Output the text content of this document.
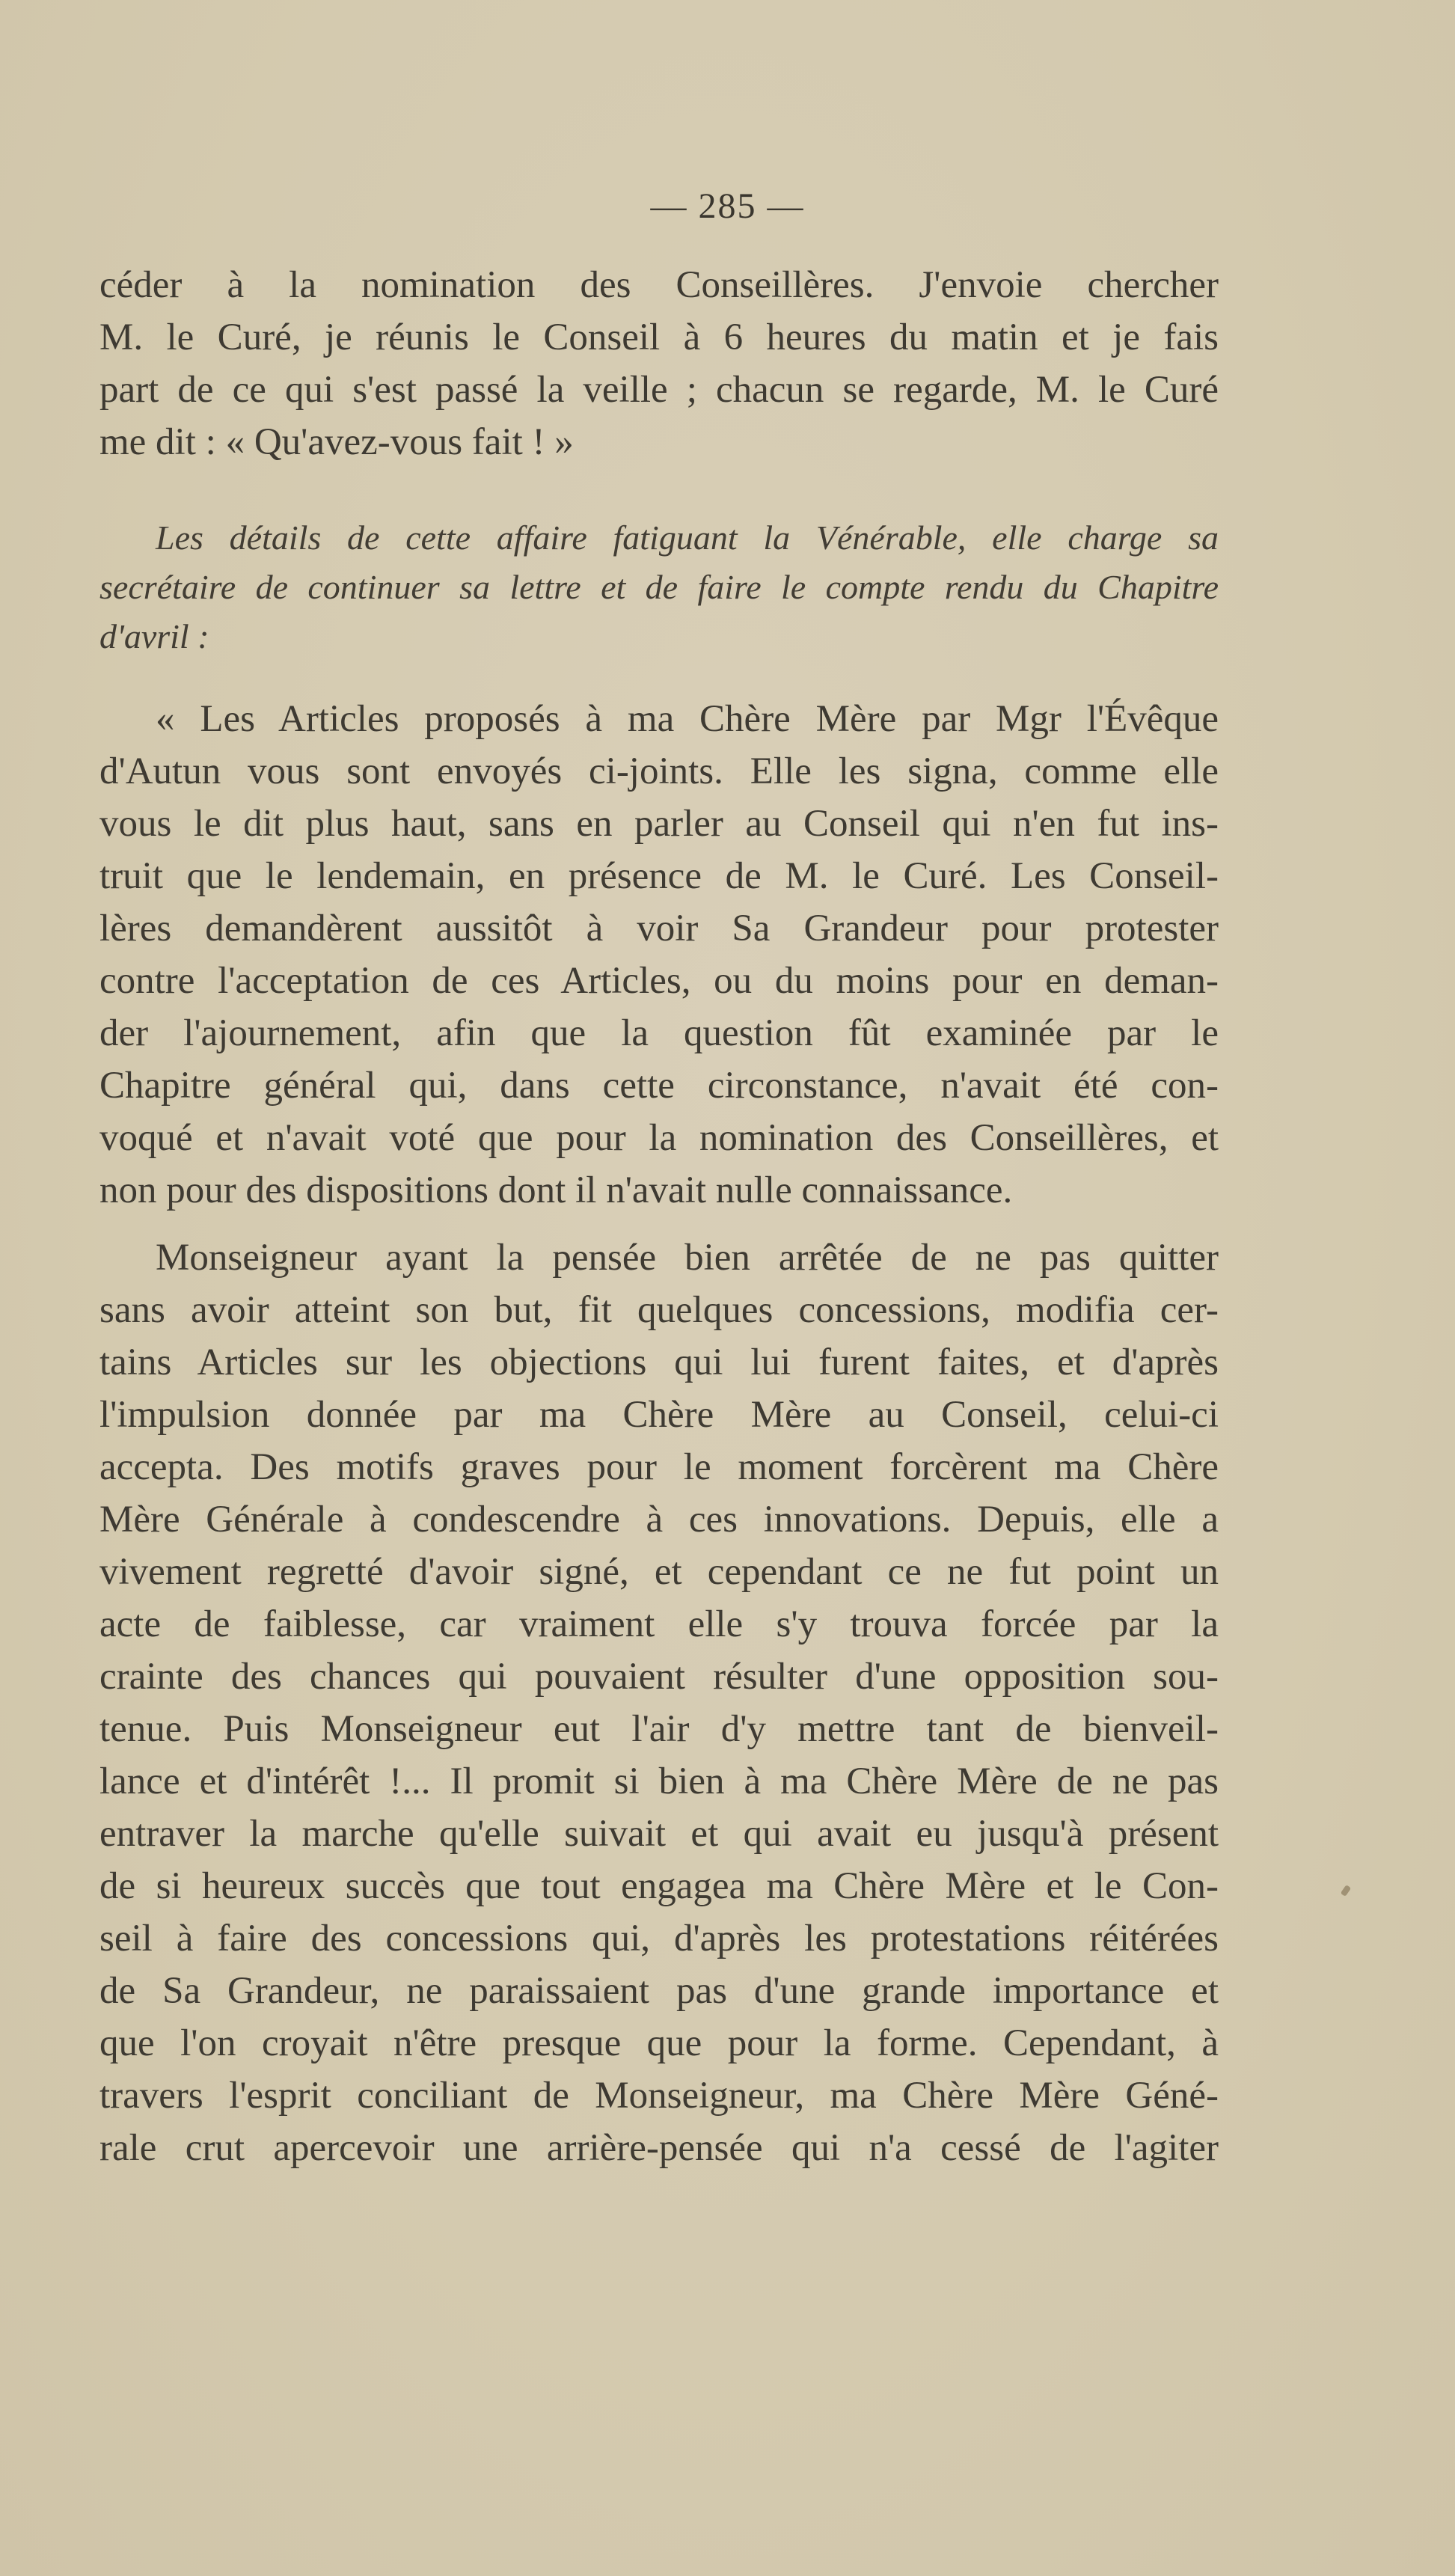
— 285 —
céder à la nomination des Conseillères. J'envoie chercher
M. le Curé, je réunis le Conseil à 6 heures du matin et je fais
part de ce qui s'est passé la veille ; chacun se regarde, M. le Curé
me dit : « Qu'avez-vous fait ! »
Les détails de cette affaire fatiguant la Vénérable, elle charge sa
secrétaire de continuer sa lettre et de faire le compte rendu du Chapitre
d'avril :
« Les Articles proposés à ma Chère Mère par Mgr l'Évêque
d'Autun vous sont envoyés ci-joints. Elle les signa, comme elle
vous le dit plus haut, sans en parler au Conseil qui n'en fut ins-
truit que le lendemain, en présence de M. le Curé. Les Conseil-
lères demandèrent aussitôt à voir Sa Grandeur pour protester
contre l'acceptation de ces Articles, ou du moins pour en deman-
der l'ajournement, afin que la question fût examinée par le
Chapitre général qui, dans cette circonstance, n'avait été con-
voqué et n'avait voté que pour la nomination des Conseillères, et
non pour des dispositions dont il n'avait nulle connaissance.
Monseigneur ayant la pensée bien arrêtée de ne pas quitter
sans avoir atteint son but, fit quelques concessions, modifia cer-
tains Articles sur les objections qui lui furent faites, et d'après
l'impulsion donnée par ma Chère Mère au Conseil, celui-ci
accepta. Des motifs graves pour le moment forcèrent ma Chère
Mère Générale à condescendre à ces innovations. Depuis, elle a
vivement regretté d'avoir signé, et cependant ce ne fut point un
acte de faiblesse, car vraiment elle s'y trouva forcée par la
crainte des chances qui pouvaient résulter d'une opposition sou-
tenue. Puis Monseigneur eut l'air d'y mettre tant de bienveil-
lance et d'intérêt !... Il promit si bien à ma Chère Mère de ne pas
entraver la marche qu'elle suivait et qui avait eu jusqu'à présent
de si heureux succès que tout engagea ma Chère Mère et le Con-
seil à faire des concessions qui, d'après les protestations réitérées
de Sa Grandeur, ne paraissaient pas d'une grande importance et
que l'on croyait n'être presque que pour la forme. Cependant, à
travers l'esprit conciliant de Monseigneur, ma Chère Mère Géné-
rale crut apercevoir une arrière-pensée qui n'a cessé de l'agiter
